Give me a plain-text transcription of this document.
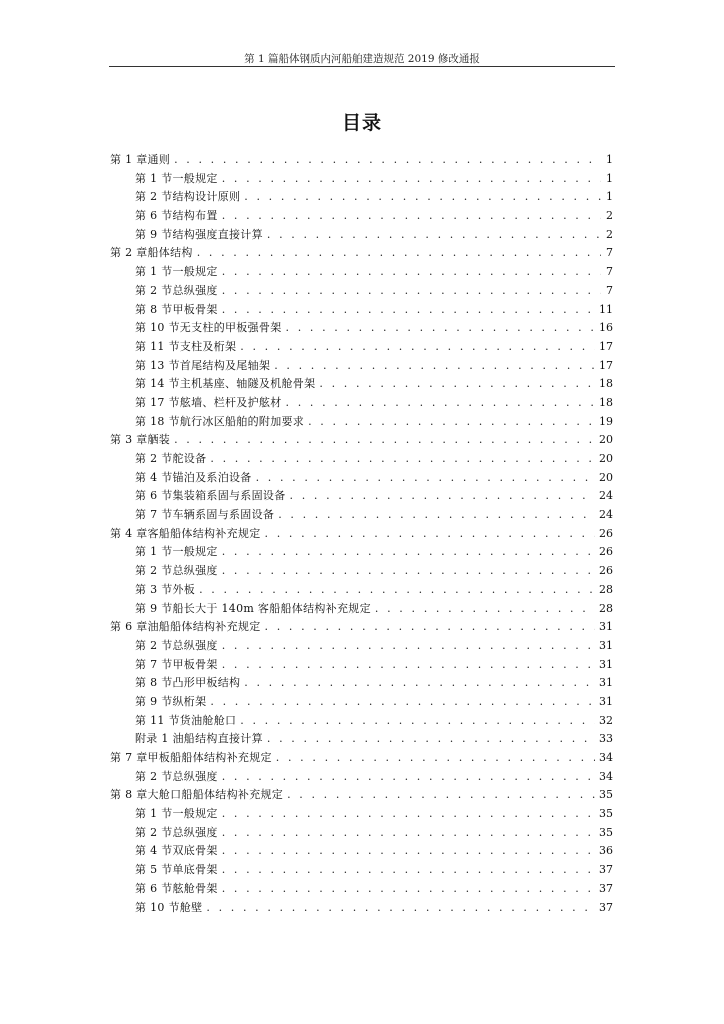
第 1 篇船体钢质内河船舶建造规范 2019 修改通报
目录
第 1 章通则 . . .	1
第 1 节一般规定 . . .	1
第 2 节结构设计原则 . . .	1
第 6 节结构布置 . . .	2
第 9 节结构强度直接计算 . . .	2
第 2 章船体结构 . . .	7
第 1 节一般规定 . . .	7
第 2 节总纵强度 . . .	7
第 8 节甲板骨架 . . .	11
第 10 节无支柱的甲板强骨架 . . .	16
第 11 节支柱及桁架 . . .	17
第 13 节首尾结构及尾轴架 . . .	17
第 14 节主机基座、轴隧及机舱骨架 . . .	18
第 17 节舷墙、栏杆及护舷材 . . .	18
第 18 节航行冰区船舶的附加要求 . . .	19
第 3 章舾装 . . .	20
第 2 节舵设备 . . .	20
第 4 节锚泊及系泊设备 . . .	20
第 6 节集装箱系固与系固设备 . . .	24
第 7 节车辆系固与系固设备 . . .	24
第 4 章客船船体结构补充规定 . . .	26
第 1 节一般规定 . . .	26
第 2 节总纵强度 . . .	26
第 3 节外板 . . .	28
第 9 节船长大于 140m 客船船体结构补充规定 . . .	28
第 6 章油船船体结构补充规定 . . .	31
第 2 节总纵强度 . . .	31
第 7 节甲板骨架 . . .	31
第 8 节凸形甲板结构 . . .	31
第 9 节纵桁架 . . .	31
第 11 节货油舱舱口 . . .	32
附录 1 油船结构直接计算 . . .	33
第 7 章甲板船船体结构补充规定 . . .	34
第 2 节总纵强度 . . .	34
第 8 章大舱口船船体结构补充规定 . . .	35
第 1 节一般规定 . . .	35
第 2 节总纵强度 . . .	35
第 4 节双底骨架 . . .	36
第 5 节单底骨架 . . .	37
第 6 节舷舱骨架 . . .	37
第 10 节舱壁 . . .	37
